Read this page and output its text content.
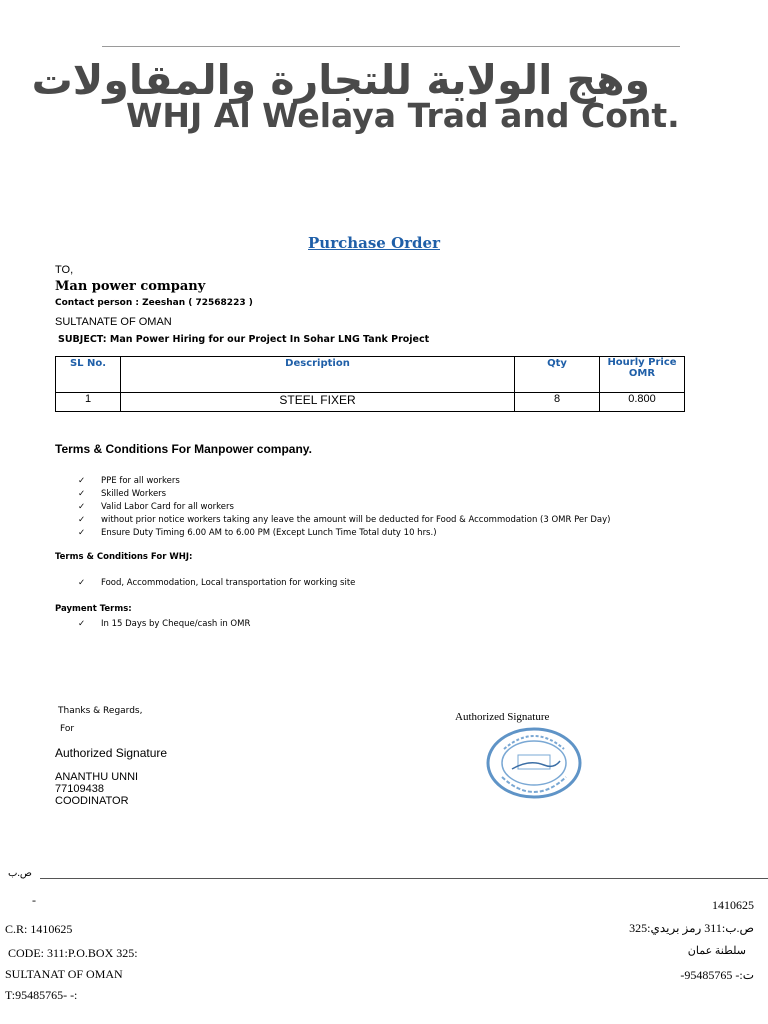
وهج الولاية للتجارة والمقاولات
WHJ Al Welaya Trad and Cont.
Purchase Order
TO,
Man power company
Contact person : Zeeshan ( 72568223 )
SULTANATE OF OMAN
SUBJECT: Man Power Hiring for our Project In Sohar LNG Tank Project
SL No.	Description	Qty	Hourly Price OMR
1	STEEL FIXER	8	0.800
Terms & Conditions For Manpower company.
✓ PPE for all workers
✓ Skilled Workers
✓ Valid Labor Card for all workers
✓ without prior notice workers taking any leave the amount will be deducted for Food & Accommodation (3 OMR Per Day)
✓ Ensure Duty Timing 6.00 AM to 6.00 PM (Except Lunch Time Total duty 10 hrs.)
Terms & Conditions For WHJ:
✓ Food, Accommodation, Local transportation for working site
Payment Terms:
✓ In 15 Days by Cheque/cash in OMR
Thanks & Regards,
For
Authorized Signature
ANANTHU UNNI
77109438
COODINATOR
Authorized Signature
ص.ب
-
C.R: 1410625
CODE: 311:P.O.BOX 325:
SULTANAT OF OMAN
T:95485765- -:
1410625
ص.ب:311 رمز بريدي:325
سلطنة عمان
ت:- 95485765-
